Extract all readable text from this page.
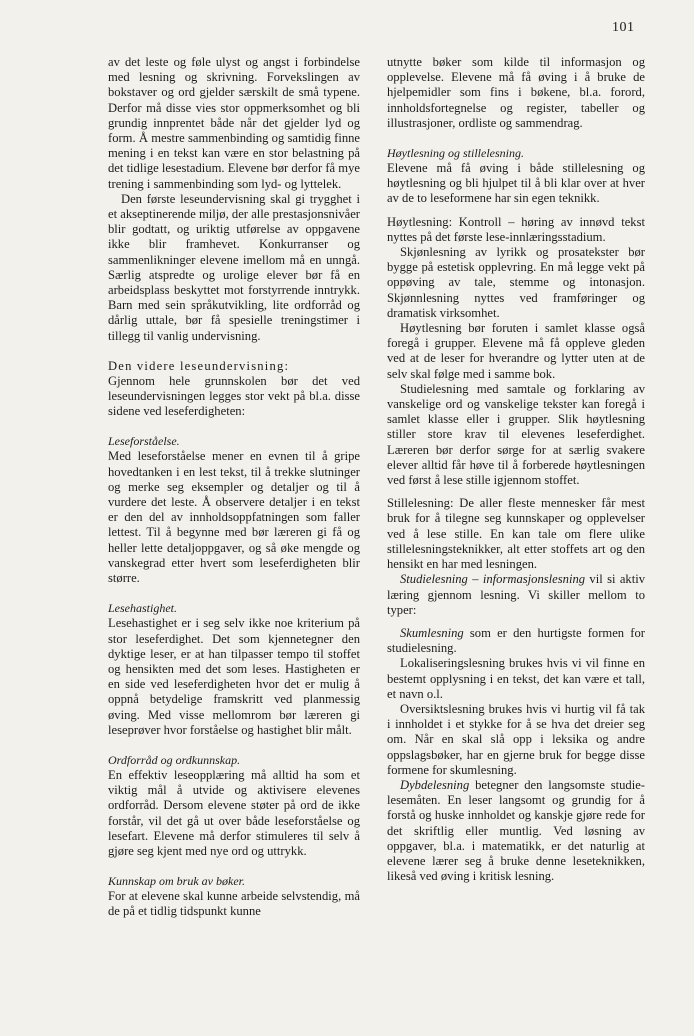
101

av det leste og føle ulyst og angst i forbindelse med lesning og skrivning. Forvekslingen av bokstaver og ord gjelder særskilt de små typene. Derfor må disse vies stor oppmerksomhet og bli grundig innprentet både når det gjelder lyd og form. Å mestre sammenbinding og samtidig finne mening i en tekst kan være en stor belastning på det tidlige lesestadium. Elevene bør derfor få mye trening i sammenbinding som lyd- og lyttelek.

Den første leseundervisning skal gi trygghet i et akseptinerende miljø, der alle prestasjonsnivåer blir godtatt, og uriktig utførelse av oppgavene ikke blir framhevet. Konkurranser og sammenlikninger elevene imellom må en unngå. Særlig atspredte og urolige elever bør få en arbeidsplass beskyttet mot forstyrrende inntrykk. Barn med sein språkutvikling, lite ordforråd og dårlig uttale, bør få spesielle treningstimer i tillegg til vanlig undervisning.

Den videre leseundervisning:

Gjennom hele grunnskolen bør det ved leseundervisningen legges stor vekt på bl.a. disse sidene ved leseferdigheten:

Leseforståelse.

Med leseforståelse mener en evnen til å gripe hovedtanken i en lest tekst, til å trekke slutninger og merke seg eksempler og detaljer og til å vurdere det leste. Å observere detaljer i en tekst er den del av innholdsoppfatningen som faller lettest. Til å begynne med bør læreren gi få og heller lette detaljoppgaver, og så øke mengde og vanskegrad etter hvert som leseferdigheten blir større.

Lesehastighet.

Lesehastighet er i seg selv ikke noe kriterium på stor leseferdighet. Det som kjennetegner den dyktige leser, er at han tilpasser tempo til stoffet og hensikten med det som leses. Hastigheten er en side ved leseferdigheten hvor det er mulig å oppnå betydelige framskritt ved planmessig øving. Med visse mellomrom bør læreren gi leseprøver hvor forståelse og hastighet blir målt.

Ordforråd og ordkunnskap.

En effektiv leseopplæring må alltid ha som et viktig mål å utvide og aktivisere elevenes ordforråd. Dersom elevene støter på ord de ikke forstår, vil det gå ut over både leseforståelse og lesefart. Elevene må derfor stimuleres til selv å gjøre seg kjent med nye ord og uttrykk.

Kunnskap om bruk av bøker.

For at elevene skal kunne arbeide selvstendig, må de på et tidlig tidspunkt kunne

utnytte bøker som kilde til informasjon og opplevelse. Elevene må få øving i å bruke de hjelpemidler som fins i bøkene, bl.a. forord, innholdsfortegnelse og register, tabeller og illustrasjoner, ordliste og sammendrag.

Høytlesning og stillelesning.

Elevene må få øving i både stillelesning og høytlesning og bli hjulpet til å bli klar over at hver av de to leseformene har sin egen teknikk.

Høytlesning: Kontroll – høring av innøvd tekst nyttes på det første lese-innlæringsstadium.

Skjønlesning av lyrikk og prosatekster bør bygge på estetisk opplevring. En må legge vekt på oppøving av tale, stemme og intonasjon. Skjønnlesning nyttes ved framføringer og dramatisk virksomhet.

Høytlesning bør foruten i samlet klasse også foregå i grupper. Elevene må få oppleve gleden ved at de leser for hverandre og lytter uten at de selv skal følge med i samme bok.

Studielesning med samtale og forklaring av vanskelige ord og vanskelige tekster kan foregå i samlet klasse eller i grupper. Slik høytlesning stiller store krav til elevenes leseferdighet. Læreren bør derfor sørge for at særlig svakere elever alltid får høve til å forberede høytlesningen ved først å lese stille igjennom stoffet.

Stillelesning: De aller fleste mennesker får mest bruk for å tilegne seg kunnskaper og opplevelser ved å lese stille. En kan tale om flere ulike stillelesningsteknikker, alt etter stoffets art og den hensikt en har med lesningen.

Studielesning – informasjonslesning vil si aktiv læring gjennom lesning. Vi skiller mellom to typer:

Skumlesning som er den hurtigste formen for studielesning.

Lokaliseringslesning brukes hvis vi vil finne en bestemt opplysning i en tekst, det kan være et tall, et navn o.l.

Oversiktslesning brukes hvis vi hurtig vil få tak i innholdet i et stykke for å se hva det dreier seg om. Når en skal slå opp i leksika og andre oppslagsbøker, har en gjerne bruk for begge disse formene for skumlesning.

Dybdelesning betegner den langsomste studie-lesemåten. En leser langsomt og grundig for å forstå og huske innholdet og kanskje gjøre rede for det skriftlig eller muntlig. Ved løsning av oppgaver, bl.a. i matematikk, er det naturlig at elevene lærer seg å bruke denne leseteknikken, likeså ved øving i kritisk lesning.
